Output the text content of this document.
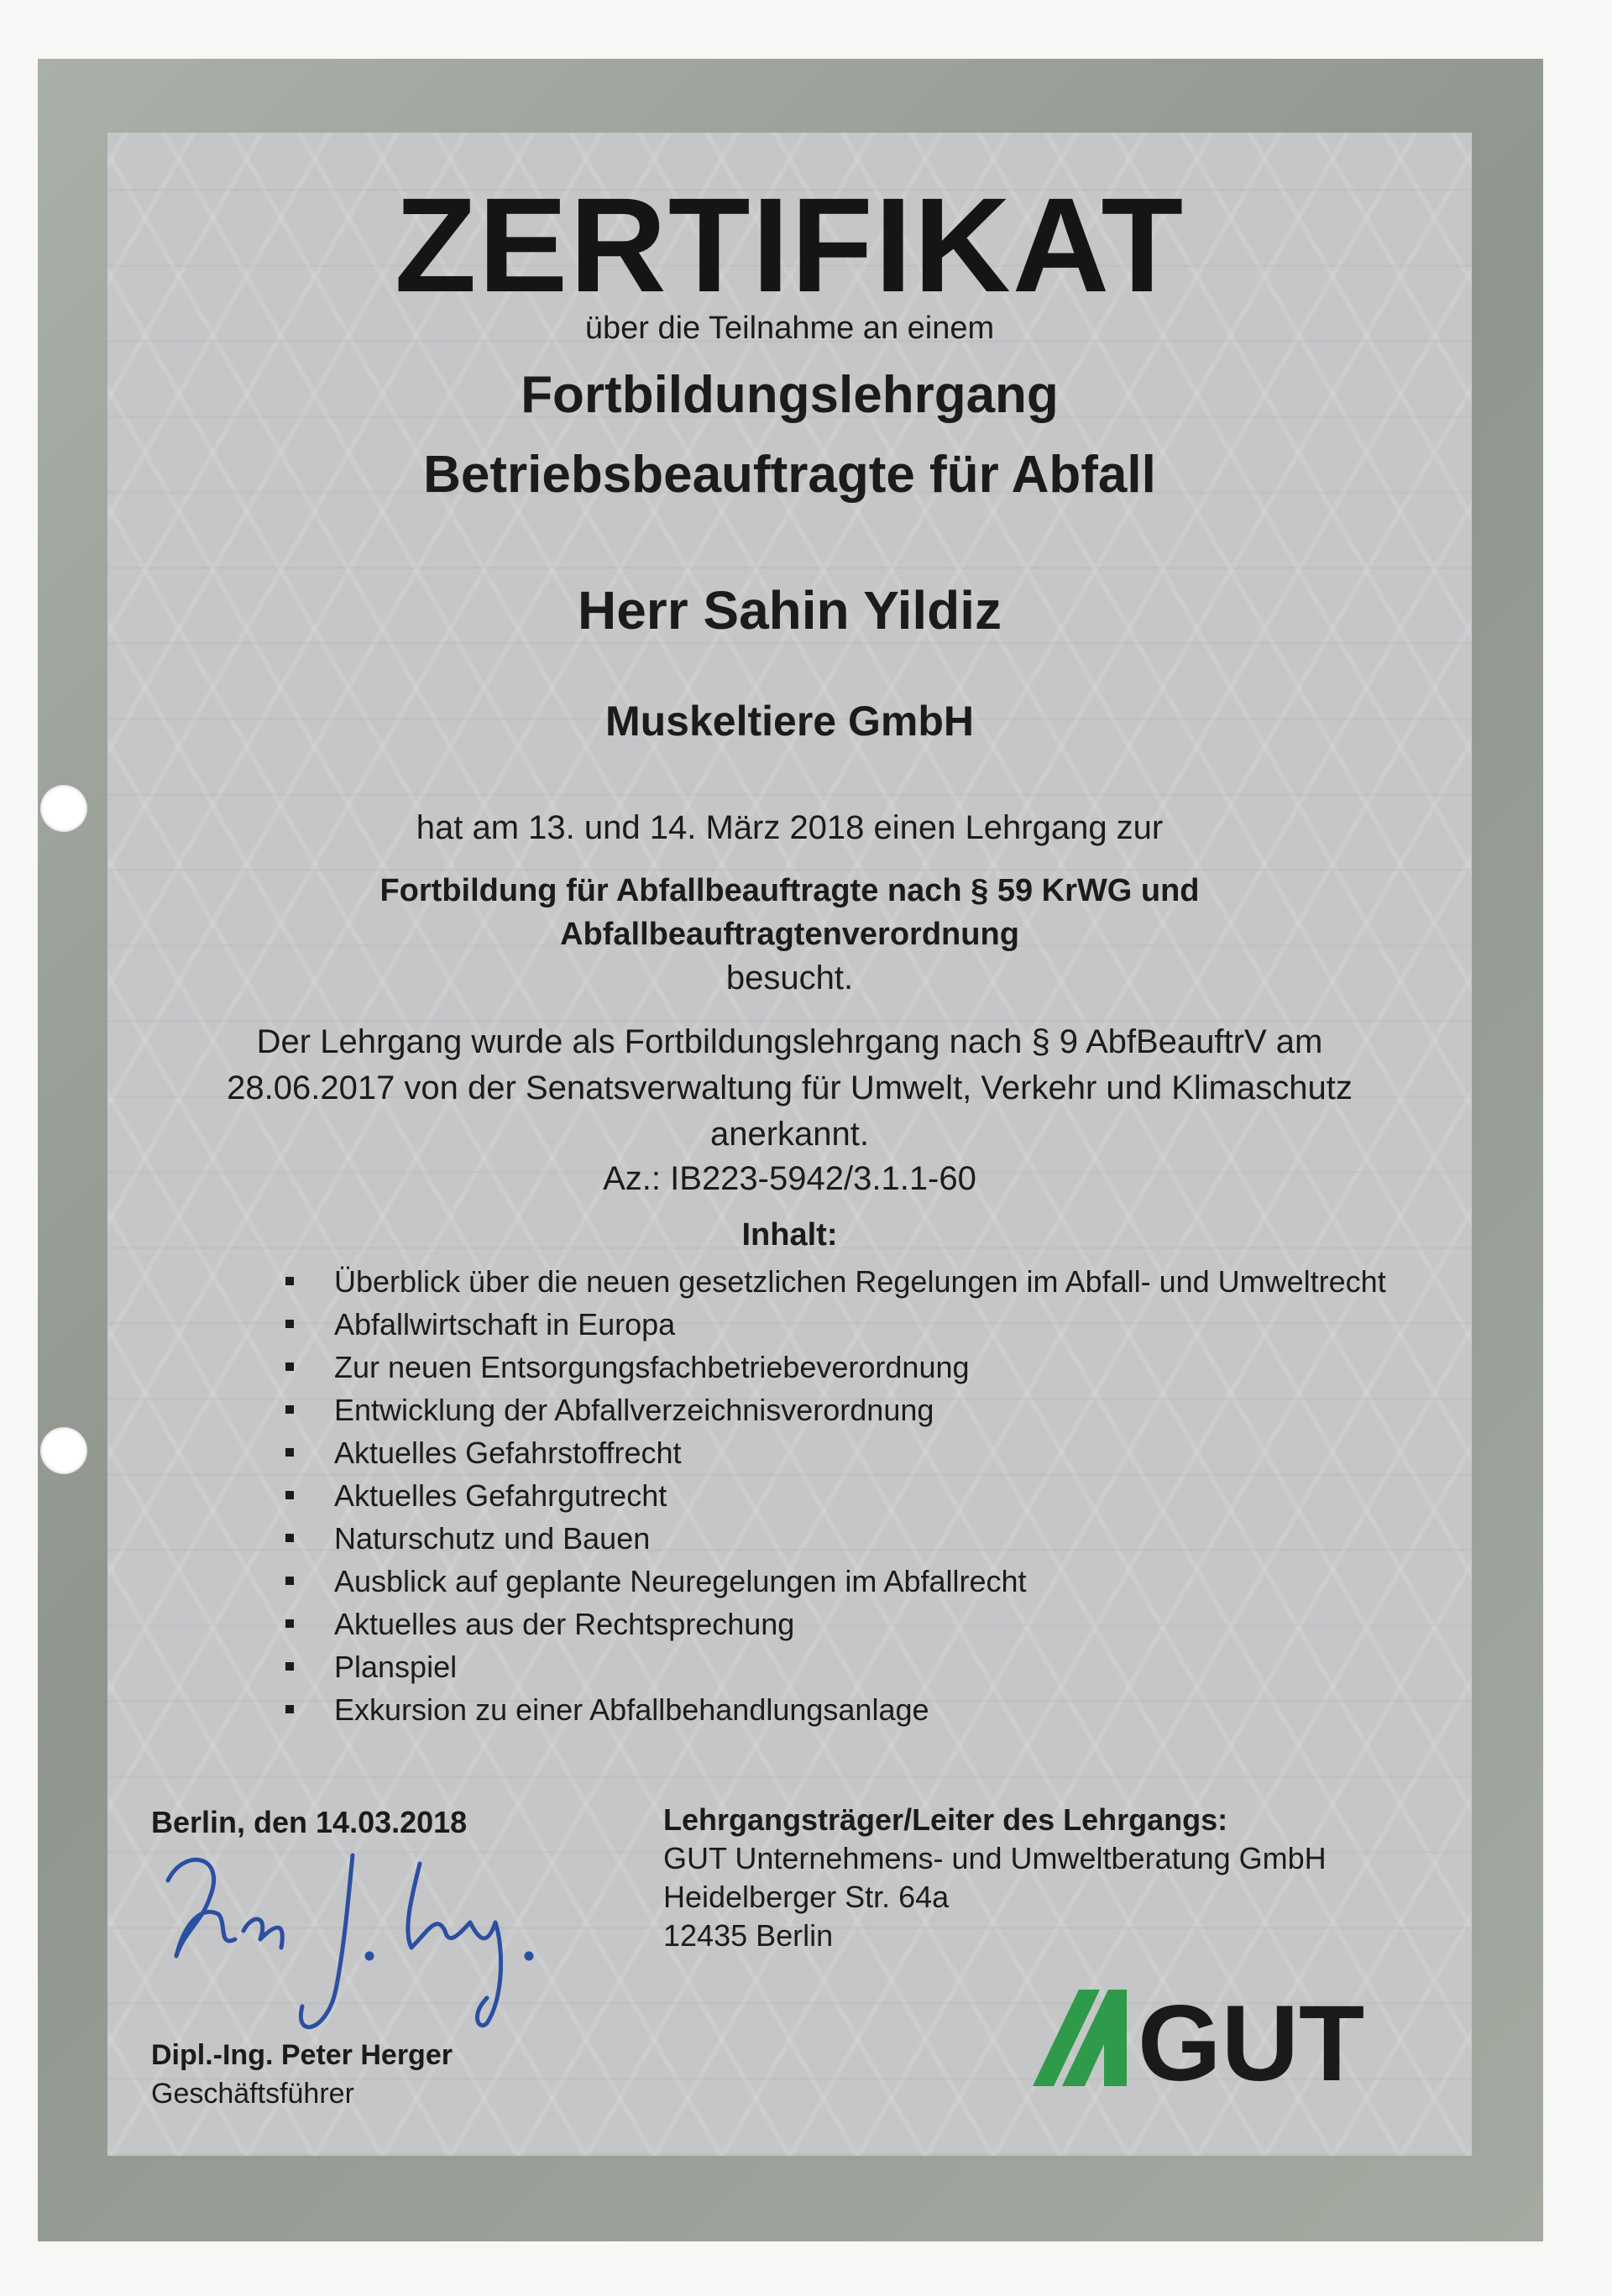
ZERTIFIKAT
über die Teilnahme an einem
Fortbildungslehrgang
Betriebsbeauftragte für Abfall
Herr Sahin Yildiz
Muskeltiere GmbH
hat am 13. und 14. März 2018 einen Lehrgang zur
Fortbildung für Abfallbeauftragte nach § 59 KrWG und
Abfallbeauftragtenverordnung
besucht.
Der Lehrgang wurde als Fortbildungslehrgang nach § 9 AbfBeauftrV am
28.06.2017 von der Senatsverwaltung für Umwelt, Verkehr und Klimaschutz
anerkannt.
Az.: IB223-5942/3.1.1-60
Inhalt:
Überblick über die neuen gesetzlichen Regelungen im Abfall- und Umweltrecht
Abfallwirtschaft in Europa
Zur neuen Entsorgungsfachbetriebeverordnung
Entwicklung der Abfallverzeichnisverordnung
Aktuelles Gefahrstoffrecht
Aktuelles Gefahrgutrecht
Naturschutz und Bauen
Ausblick auf geplante Neuregelungen im Abfallrecht
Aktuelles aus der Rechtsprechung
Planspiel
Exkursion zu einer Abfallbehandlungsanlage
Berlin, den 14.03.2018
Dipl.-Ing. Peter Herger
Geschäftsführer
Lehrgangsträger/Leiter des Lehrgangs:
GUT Unternehmens- und Umweltberatung GmbH
Heidelberger Str. 64a
12435 Berlin
GUT
